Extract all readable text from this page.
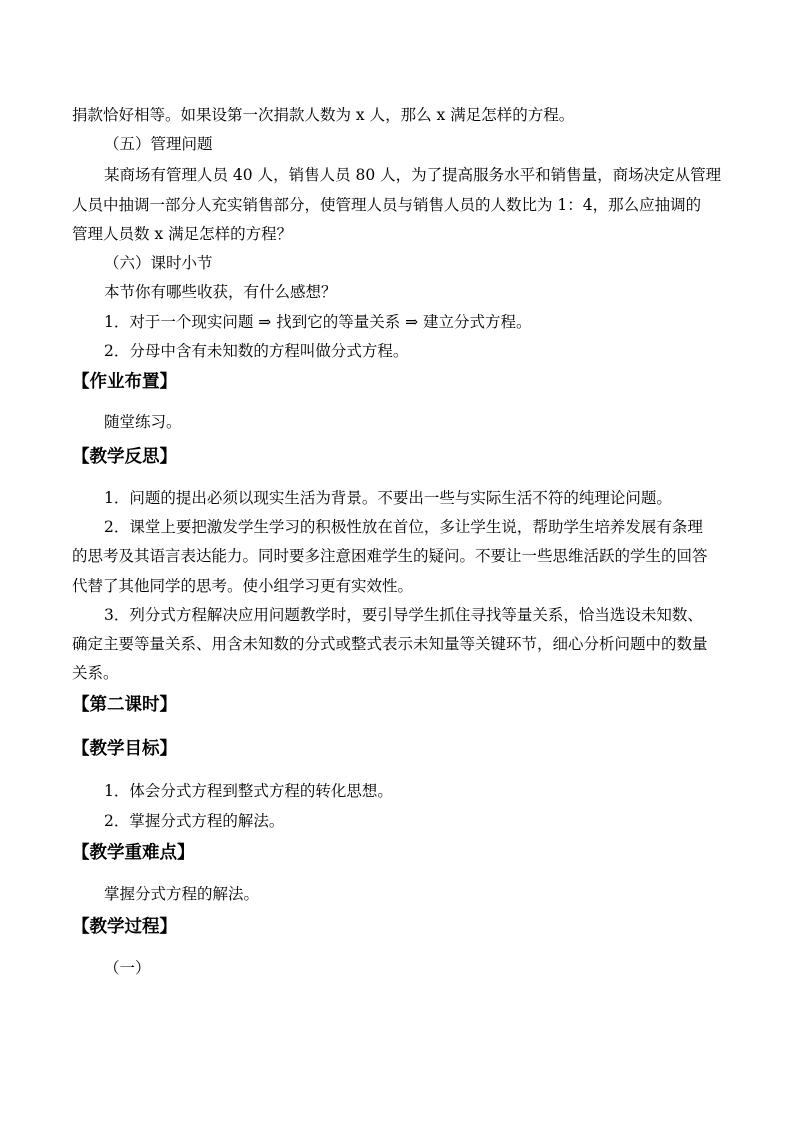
捐款恰好相等。如果设第一次捐款人数为 x 人，那么 x 满足怎样的方程。

（五）管理问题

某商场有管理人员 40 人，销售人员 80 人，为了提高服务水平和销售量，商场决定从管理

人员中抽调一部分人充实销售部分，使管理人员与销售人员的人数比为 1：4，那么应抽调的

管理人员数 x 满足怎样的方程？

（六）课时小节

本节你有哪些收获，有什么感想？

1．对于一个现实问题 ⇒ 找到它的等量关系 ⇒ 建立分式方程。

2．分母中含有未知数的方程叫做分式方程。

【作业布置】

随堂练习。

【教学反思】

1．问题的提出必须以现实生活为背景。不要出一些与实际生活不符的纯理论问题。

2．课堂上要把激发学生学习的积极性放在首位，多让学生说，帮助学生培养发展有条理

的思考及其语言表达能力。同时要多注意困难学生的疑问。不要让一些思维活跃的学生的回答

代替了其他同学的思考。使小组学习更有实效性。

3．列分式方程解决应用问题教学时，要引导学生抓住寻找等量关系，恰当选设未知数、

确定主要等量关系、用含未知数的分式或整式表示未知量等关键环节，细心分析问题中的数量

关系。

【第二课时】

【教学目标】

1．体会分式方程到整式方程的转化思想。

2．掌握分式方程的解法。

【教学重难点】

掌握分式方程的解法。

【教学过程】

（一）
